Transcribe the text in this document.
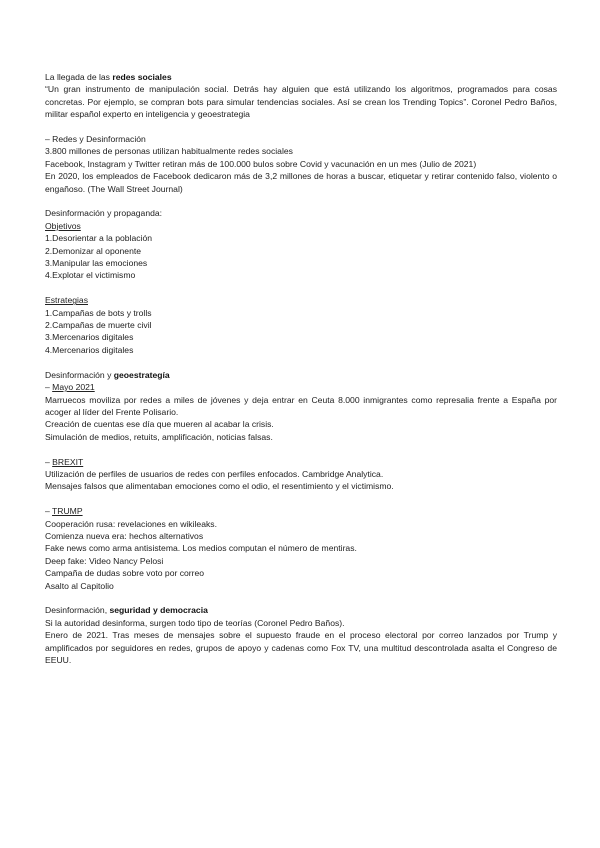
La llegada de las redes sociales

“Un gran instrumento de manipulación social. Detrás hay alguien que está utilizando los algoritmos, programados para cosas concretas. Por ejemplo, se compran bots para simular tendencias sociales. Así se crean los Trending Topics”. Coronel Pedro Baños, militar español experto en inteligencia y geoestrategia

– Redes y Desinformación

3.800 millones de personas utilizan habitualmente redes sociales

Facebook, Instagram y Twitter retiran más de 100.000 bulos sobre Covid y vacunación en un mes (Julio de 2021)

En 2020, los empleados de Facebook dedicaron más de 3,2 millones de horas a buscar, etiquetar y retirar contenido falso, violento o engañoso. (The Wall Street Journal)

Desinformación y propaganda:

Objetivos

1.Desorientar a la población

2.Demonizar al oponente

3.Manipular las emociones

4.Explotar el victimismo

Estrategias

1.Campañas de bots y trolls

2.Campañas de muerte civil

3.Mercenarios digitales

4.Mercenarios digitales

Desinformación y geoestrategía

– Mayo 2021

Marruecos moviliza por redes a miles de jóvenes y deja entrar en Ceuta 8.000 inmigrantes como represalia frente a España por acoger al líder del Frente Polisario.

Creación de cuentas ese día que mueren al acabar la crisis.

Simulación de medios, retuits, amplificación, noticias falsas.

– BREXIT

Utilización de perfiles de usuarios de redes con perfiles enfocados. Cambridge Analytica.

Mensajes falsos que alimentaban emociones como el odio, el resentimiento y el victimismo.

– TRUMP

Cooperación rusa: revelaciones en wikileaks.

Comienza nueva era: hechos alternativos

Fake news como arma antisistema. Los medios computan el número de mentiras.

Deep fake: Video Nancy Pelosi

Campaña de dudas sobre voto por correo

Asalto al Capitolio

Desinformación, seguridad y democracia

Si la autoridad desinforma, surgen todo tipo de teorías (Coronel Pedro Baños).

Enero de 2021. Tras meses de mensajes sobre el supuesto fraude en el proceso electoral por correo lanzados por Trump y amplificados por seguidores en redes, grupos de apoyo y cadenas como Fox TV, una multitud descontrolada asalta el Congreso de EEUU.
